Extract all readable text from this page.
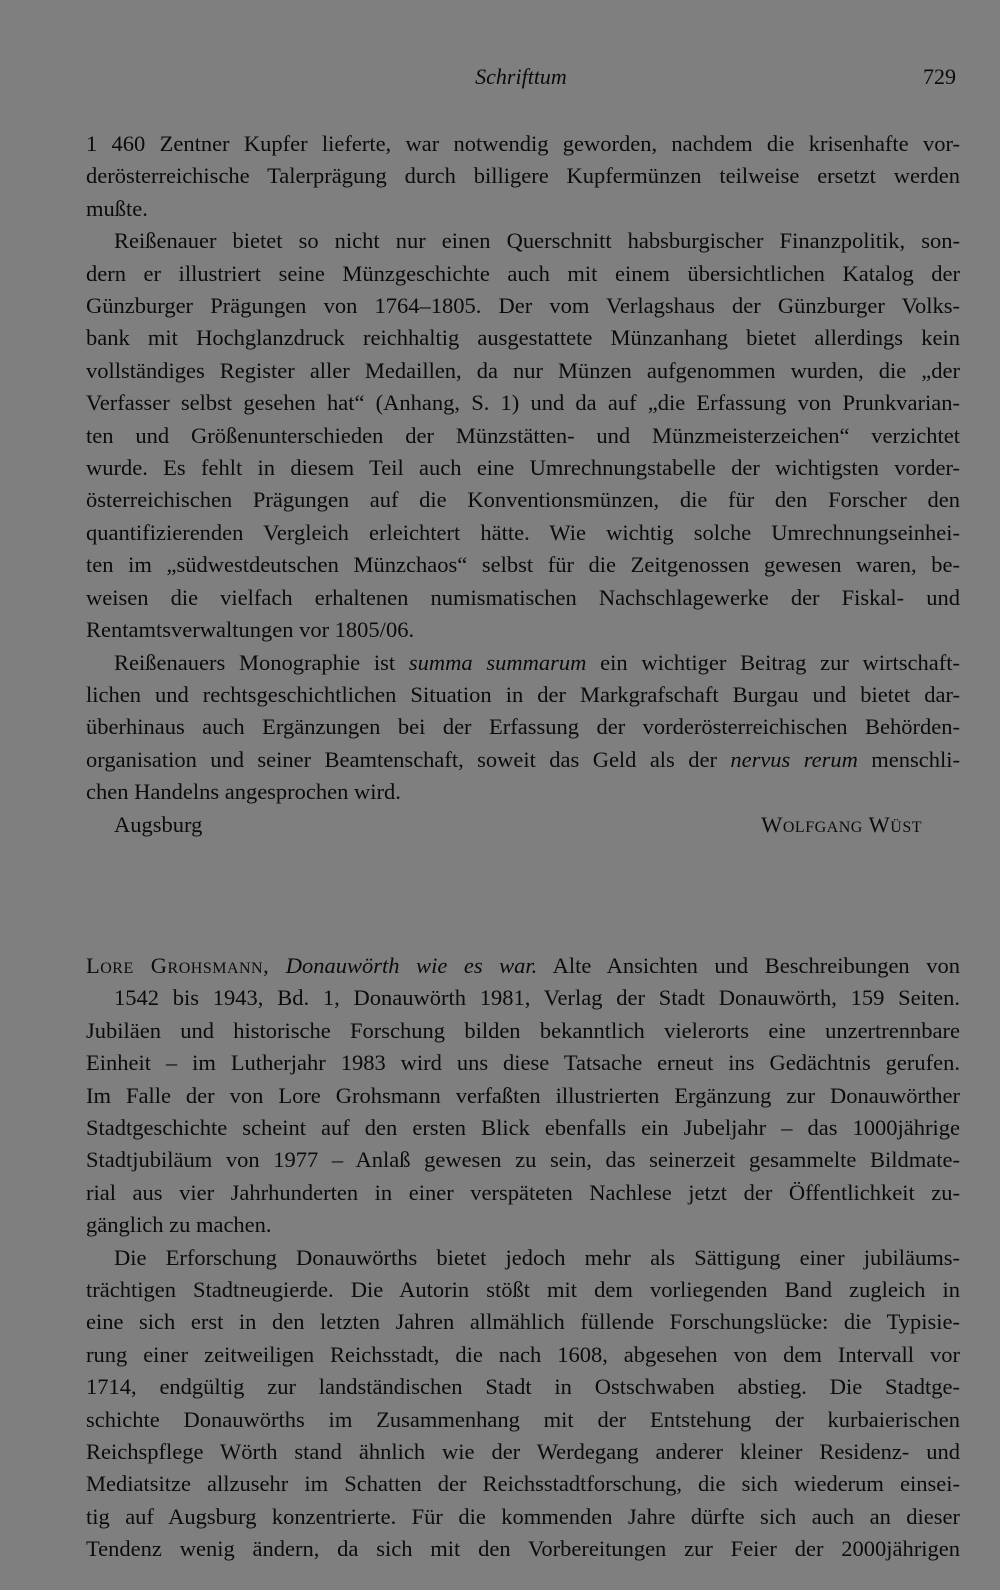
Schrifttum	729

1 460 Zentner Kupfer lieferte, war notwendig geworden, nachdem die krisenhafte vor-

derösterreichische Talerprägung durch billigere Kupfermünzen teilweise ersetzt werden

mußte.

Reißenauer bietet so nicht nur einen Querschnitt habsburgischer Finanzpolitik, son-

dern er illustriert seine Münzgeschichte auch mit einem übersichtlichen Katalog der

Günzburger Prägungen von 1764–1805. Der vom Verlagshaus der Günzburger Volks-

bank mit Hochglanzdruck reichhaltig ausgestattete Münzanhang bietet allerdings kein

vollständiges Register aller Medaillen, da nur Münzen aufgenommen wurden, die „der

Verfasser selbst gesehen hat“ (Anhang, S. 1) und da auf „die Erfassung von Prunkvarian-

ten und Größenunterschieden der Münzstätten- und Münzmeisterzeichen“ verzichtet

wurde. Es fehlt in diesem Teil auch eine Umrechnungstabelle der wichtigsten vorder-

österreichischen Prägungen auf die Konventionsmünzen, die für den Forscher den

quantifizierenden Vergleich erleichtert hätte. Wie wichtig solche Umrechnungseinhei-

ten im „südwestdeutschen Münzchaos“ selbst für die Zeitgenossen gewesen waren, be-

weisen die vielfach erhaltenen numismatischen Nachschlagewerke der Fiskal- und

Rentamtsverwaltungen vor 1805/06.

Reißenauers Monographie ist summa summarum ein wichtiger Beitrag zur wirtschaft-

lichen und rechtsgeschichtlichen Situation in der Markgrafschaft Burgau und bietet dar-

überhinaus auch Ergänzungen bei der Erfassung der vorderösterreichischen Behörden-

organisation und seiner Beamtenschaft, soweit das Geld als der nervus rerum menschli-

chen Handelns angesprochen wird.

Augsburg	Wolfgang Wüst

Lore Grohsmann, Donauwörth wie es war. Alte Ansichten und Beschreibungen von

1542 bis 1943, Bd. 1, Donauwörth 1981, Verlag der Stadt Donauwörth, 159 Seiten.

Jubiläen und historische Forschung bilden bekanntlich vielerorts eine unzertrennbare

Einheit – im Lutherjahr 1983 wird uns diese Tatsache erneut ins Gedächtnis gerufen.

Im Falle der von Lore Grohsmann verfaßten illustrierten Ergänzung zur Donauwörther

Stadtgeschichte scheint auf den ersten Blick ebenfalls ein Jubeljahr – das 1000jährige

Stadtjubiläum von 1977 – Anlaß gewesen zu sein, das seinerzeit gesammelte Bildmate-

rial aus vier Jahrhunderten in einer verspäteten Nachlese jetzt der Öffentlichkeit zu-

gänglich zu machen.

Die Erforschung Donauwörths bietet jedoch mehr als Sättigung einer jubiläums-

trächtigen Stadtneugierde. Die Autorin stößt mit dem vorliegenden Band zugleich in

eine sich erst in den letzten Jahren allmählich füllende Forschungslücke: die Typisie-

rung einer zeitweiligen Reichsstadt, die nach 1608, abgesehen von dem Intervall vor

1714, endgültig zur landständischen Stadt in Ostschwaben abstieg. Die Stadtge-

schichte Donauwörths im Zusammenhang mit der Entstehung der kurbaierischen

Reichspflege Wörth stand ähnlich wie der Werdegang anderer kleiner Residenz- und

Mediatsitze allzusehr im Schatten der Reichsstadtforschung, die sich wiederum einsei-

tig auf Augsburg konzentrierte. Für die kommenden Jahre dürfte sich auch an dieser

Tendenz wenig ändern, da sich mit den Vorbereitungen zur Feier der 2000jährigen
